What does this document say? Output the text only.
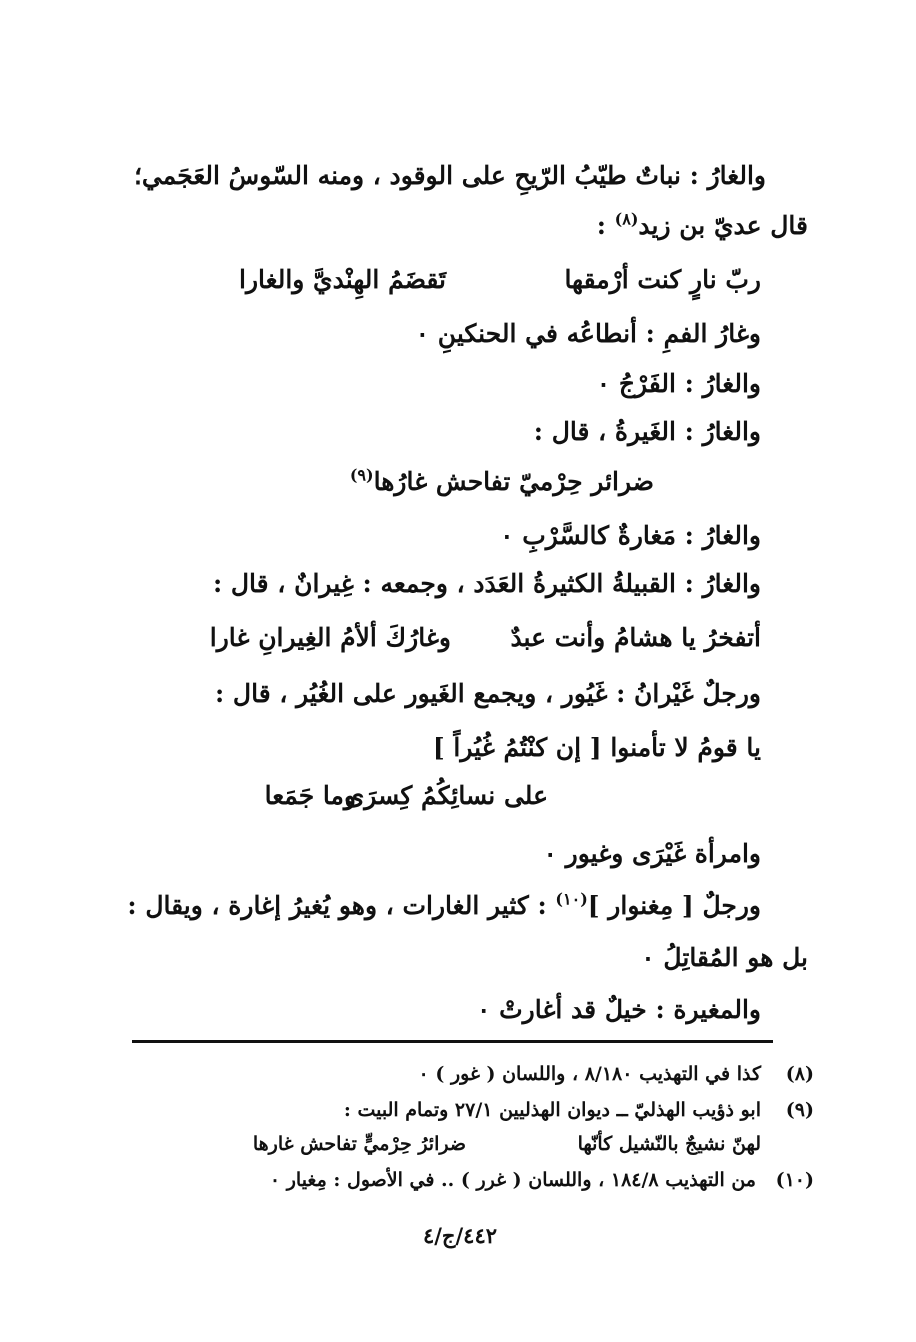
والغارُ : نباتٌ طيّبُ الرّيحِ على الوقود ، ومنه السّوسُ العَجَمي؛
قال عديّ بن زيد$^{(٨)}$ :
ربّ نارٍ كنت أرْمقها
تَقضَمُ الهِنْديَّ والغارا
وغارُ الفمِ : أنطاعُه في الحنكينِ ٠
والغارُ : الفَرْجُ ٠
والغارُ : الغَيرةُ ، قال :
ضرائر حِرْميّ تفاحش غارُها$^{(٩)}$
والغارُ : مَغارةٌ كالسَّرْبِ ٠
والغارُ : القبيلةُ الكثيرةُ العَدَد ، وجمعه : غِيرانٌ ، قال :
أتفخرُ يا هشامُ وأنت عبدٌ
وغارُكَ ألأمُ الغِيرانِ غارا
ورجلٌ غَيْرانُ : غَيُور ، ويجمع الغَيور على الغُيُر ، قال :
يا قومُ لا تأمنوا [ إن كنْتُمُ غُيُراً ]
على نسائِكُمُ كِسرَى
وما جَمَعا
وامرأة غَيْرَى وغيور ٠
ورجلٌ [ مِغنوار ]$^{(١٠)}$ : كثير الغارات ، وهو يُغيرُ إغارة ، ويقال :
بل هو المُقاتِلُ ٠
والمغيرة : خيلٌ قد أغارتْ ٠
(٨)
كذا في التهذيب ٨/١٨٠ ، واللسان ( غور ) ٠
(٩)
ابو ذؤيب الهذليّ ــ ديوان الهذليين ٢٧/١ وتمام البيت :
لهنّ نشيجٌ بالنّشيل كأنّها
ضرائرُ حِرْميٍّ تفاحش غارها
(١٠)
من التهذيب ١٨٤/٨ ، واللسان ( غرر ) .. في الأصول : مِغيار ٠
٤٤٢/ج/٤
